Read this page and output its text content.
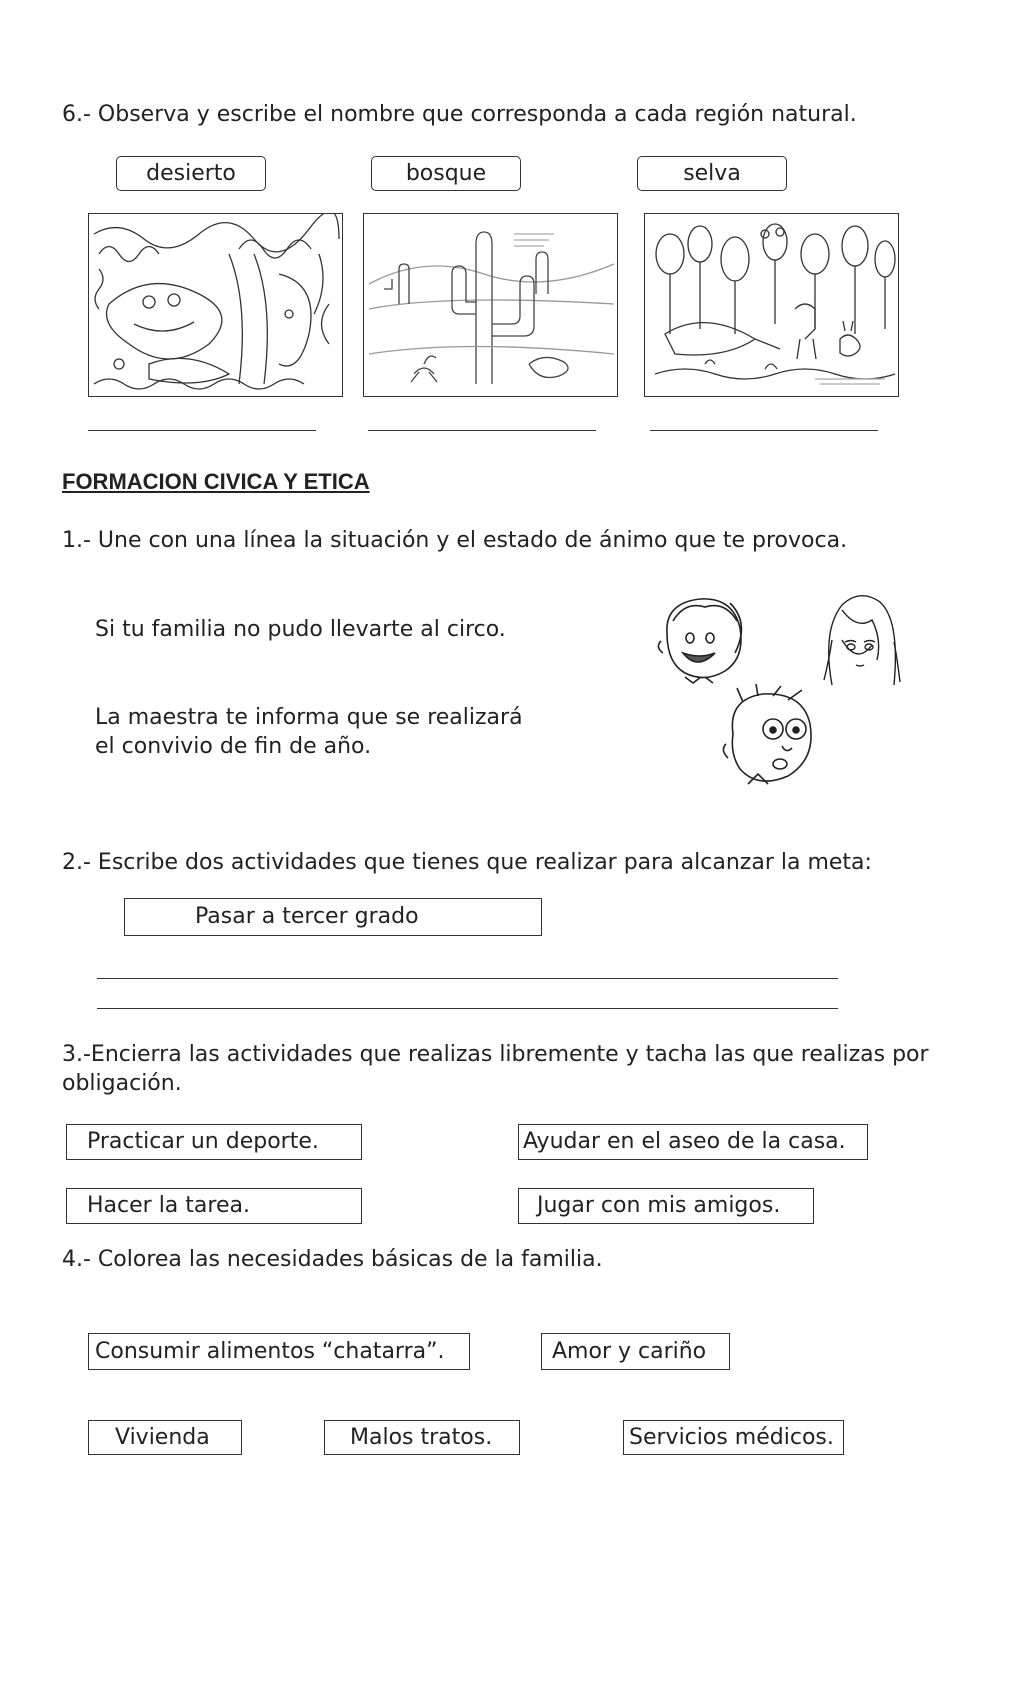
6.- Observa y escribe el nombre que corresponda a cada región natural.
desierto	bosque	selva
FORMACION CIVICA Y ETICA
1.- Une con una línea la situación y el estado de ánimo que te provoca.
Si tu familia no pudo llevarte al circo.
La maestra te informa que se realizará
el convivio de fin de año.
2.- Escribe dos actividades que tienes que realizar para alcanzar la meta:
Pasar a tercer grado
3.-Encierra las actividades que realizas libremente y tacha las que realizas por
obligación.
Practicar un deporte.	Ayudar en el aseo de la casa.
Hacer la tarea.	Jugar con mis amigos.
4.- Colorea las necesidades básicas de la familia.
Consumir alimentos “chatarra”.	Amor y cariño
Vivienda	Malos tratos.	Servicios médicos.
